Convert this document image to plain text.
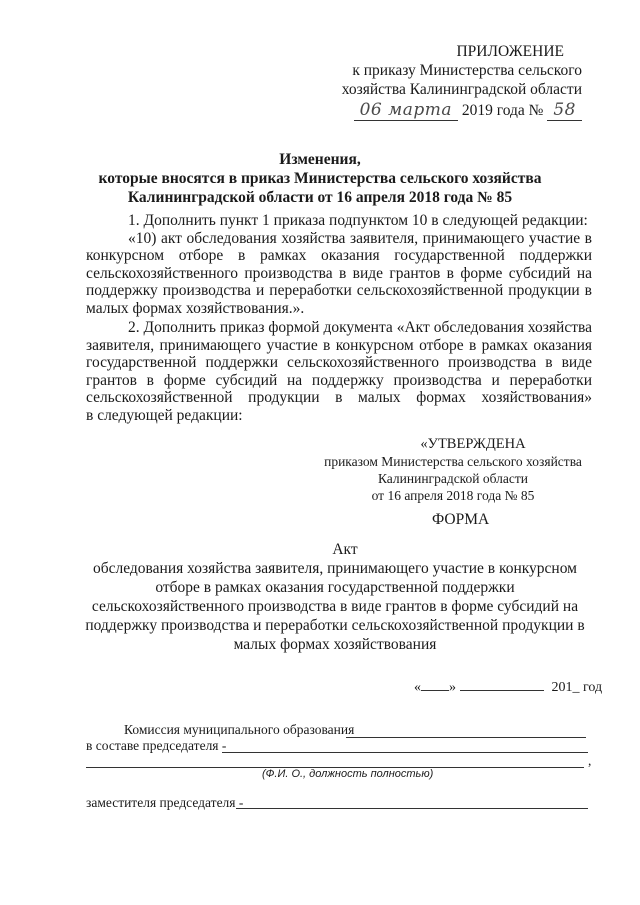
ПРИЛОЖЕНИЕ
к приказу Министерства сельского
хозяйства Калининградской области
06 марта 2019 года № 58
Изменения,
которые вносятся в приказ Министерства сельского хозяйства
Калининградской области от 16 апреля 2018 года № 85
1. Дополнить пункт 1 приказа подпунктом 10 в следующей редакции:
«10) акт обследования хозяйства заявителя, принимающего участие в
конкурсном отборе в рамках оказания государственной поддержки
сельскохозяйственного производства в виде грантов в форме субсидий на
поддержку производства и переработки сельскохозяйственной продукции в
малых формах хозяйствования.».
2. Дополнить приказ формой документа «Акт обследования хозяйства
заявителя, принимающего участие в конкурсном отборе в рамках оказания
государственной поддержки сельскохозяйственного производства в виде
грантов в форме субсидий на поддержку производства и переработки
сельскохозяйственной продукции в малых формах хозяйствования»
в следующей редакции:
«УТВЕРЖДЕНА
приказом Министерства сельского хозяйства
Калининградской области
от 16 апреля 2018 года № 85
ФОРМА
Акт
обследования хозяйства заявителя, принимающего участие в конкурсном
отборе в рамках оказания государственной поддержки
сельскохозяйственного производства в виде грантов в форме субсидий на
поддержку производства и переработки сельскохозяйственной продукции в
малых формах хозяйствования
« »	201_ год
Комиссия муниципального образования
в составе председателя -
,
(Ф.И. О., должность полностью)
заместителя председателя -
